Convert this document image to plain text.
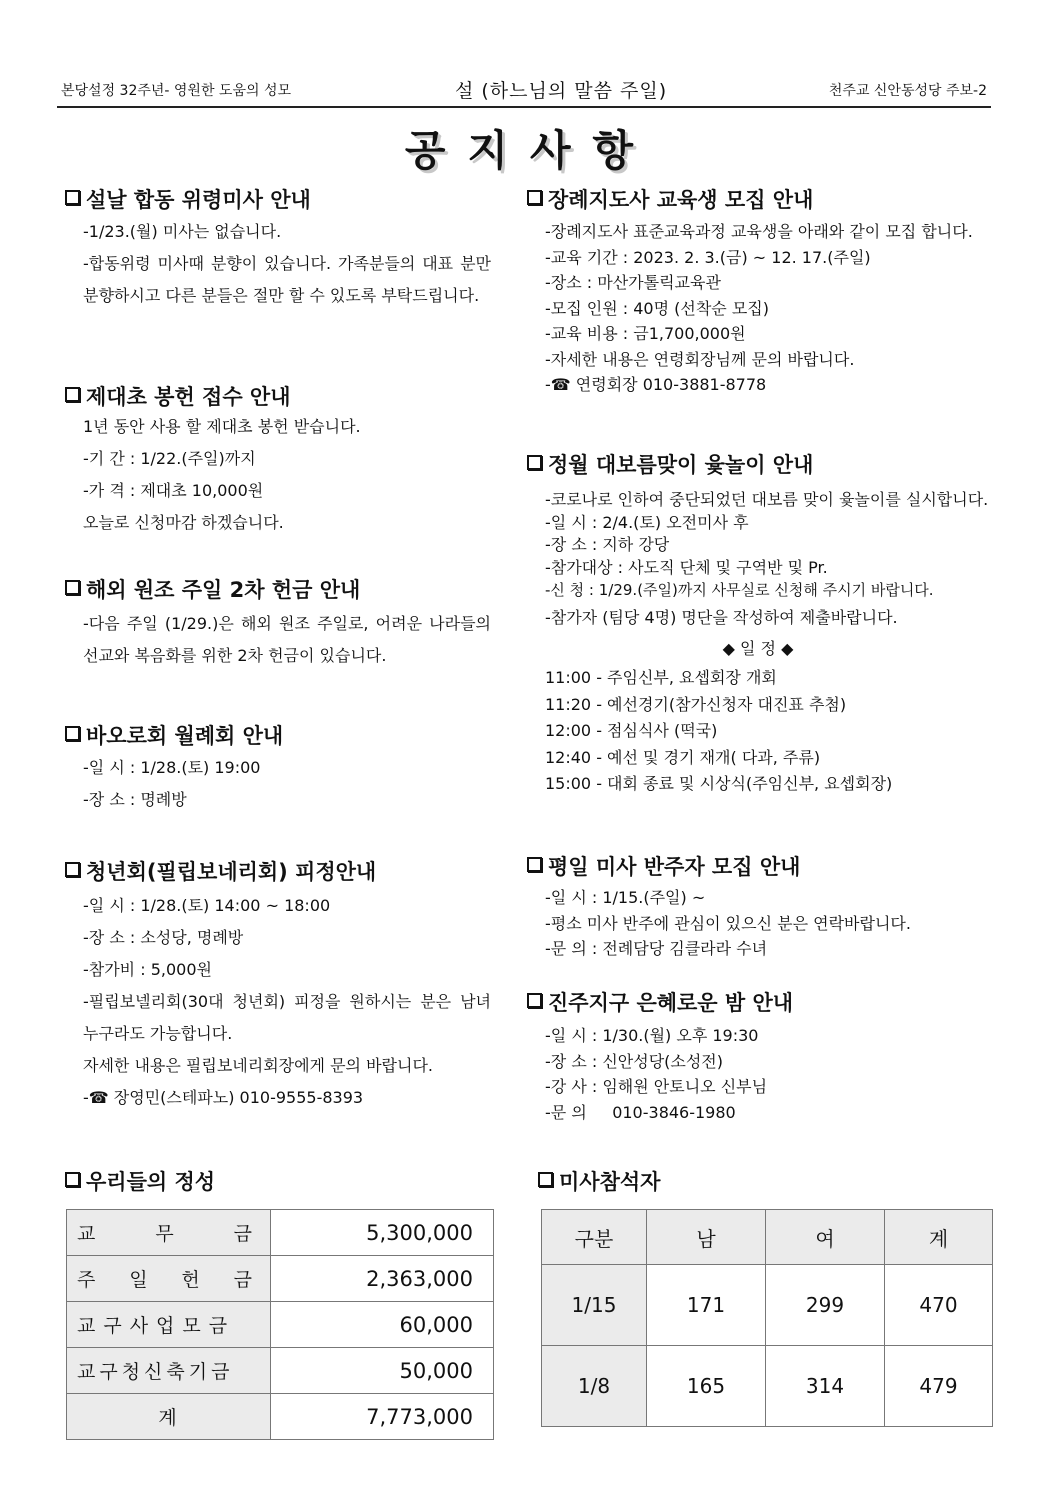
본당설정 32주년- 영원한 도움의 성모	설 (하느님의 말씀 주일)	천주교 신안동성당 주보-2
공지사항
설날 합동 위령미사 안내
-1/23.(월) 미사는 없습니다.
-합동위령 미사때 분향이 있습니다. 가족분들의 대표 분만 분향하시고 다른 분들은 절만 할 수 있도록 부탁드립니다.
제대초 봉헌 접수 안내
1년 동안 사용 할 제대초 봉헌 받습니다.
-기 간 : 1/22.(주일)까지
-가 격 : 제대초 10,000원
오늘로 신청마감 하겠습니다.
해외 원조 주일 2차 헌금 안내
-다음 주일 (1/29.)은 해외 원조 주일로, 어려운 나라들의 선교와 복음화를 위한 2차 헌금이 있습니다.
바오로회 월례회 안내
-일 시 : 1/28.(토) 19:00
-장 소 : 명례방
청년회(필립보네리회) 피정안내
-일 시 : 1/28.(토) 14:00 ~ 18:00
-장 소 : 소성당, 명례방
-참가비 : 5,000원
-필립보넬리회(30대 청년회) 피정을 원하시는 분은 남녀 누구라도 가능합니다.
자세한 내용은 필립보네리회장에게 문의 바랍니다.
-☎ 장영민(스테파노) 010-9555-8393
장례지도사 교육생 모집 안내
-장례지도사 표준교육과정 교육생을 아래와 같이 모집 합니다.
-교육 기간 : 2023. 2. 3.(금) ~ 12. 17.(주일)
-장소 : 마산가톨릭교육관
-모집 인원 : 40명 (선착순 모집)
-교육 비용 : 금1,700,000원
-자세한 내용은 연령회장님께 문의 바랍니다.
-☎ 연령회장 010-3881-8778
정월 대보름맞이 윷놀이 안내
-코로나로 인하여 중단되었던 대보름 맞이 윷놀이를 실시합니다.
-일 시 : 2/4.(토) 오전미사 후
-장 소 : 지하 강당
-참가대상 : 사도직 단체 및 구역반 및 Pr.
-신 청 : 1/29.(주일)까지 사무실로 신청해 주시기 바랍니다.
-참가자 (팀당 4명) 명단을 작성하여 제출바랍니다.
◆ 일 정 ◆
11:00 - 주임신부, 요셉회장 개회
11:20 - 예선경기(참가신청자 대진표 추첨)
12:00 - 점심식사 (떡국)
12:40 - 예선 및 경기 재개( 다과, 주류)
15:00 - 대회 종료 및 시상식(주임신부, 요셉회장)
평일 미사 반주자 모집 안내
-일 시 : 1/15.(주일) ~
-평소 미사 반주에 관심이 있으신 분은 연락바랍니다.
-문 의 : 전례담당 김클라라 수녀
진주지구 은혜로운 밤 안내
-일 시 : 1/30.(월) 오후 19:30
-장 소 : 신안성당(소성전)
-강 사 : 임해원 안토니오 신부님
-문 의     010-3846-1980
우리들의 정성
교 무 금	5,300,000

주 일 헌 금	2,363,000
교구사업모금	60,000
교구청신축기금	50,000
계	7,773,000
미사참석자
구분	남	여	계
1/15	171	299	470
1/8	165	314	479
